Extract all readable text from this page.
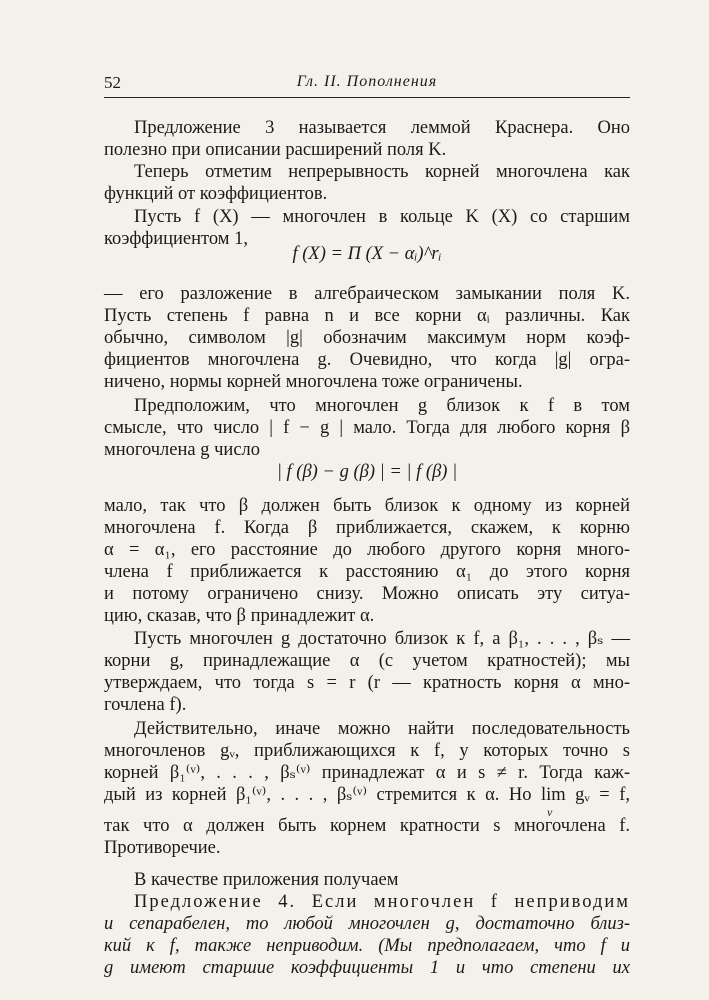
52	Гл. II. Пополнения
Предложение 3 называется леммой Краснера. Оно
полезно при описании расширений поля K.
Теперь отметим непрерывность корней многочлена как
функций от коэффициентов.
Пусть f (X) — многочлен в кольце K (X) со старшим
коэффициентом 1,
f (X) = Π (X − αᵢ)^rᵢ
— его разложение в алгебраическом замыкании поля K.
Пусть степень f равна n и все корни αᵢ различны. Как
обычно, символом |g| обозначим максимум норм коэф-
фициентов многочлена g. Очевидно, что когда |g| огра-
ничено, нормы корней многочлена тоже ограничены.
Предположим, что многочлен g близок к f в том
смысле, что число | f − g | мало. Тогда для любого корня β
многочлена g число
| f (β) − g (β) | = | f (β) |
мало, так что β должен быть близок к одному из корней
многочлена f. Когда β приближается, скажем, к корню
α = α₁, его расстояние до любого другого корня много-
члена f приближается к расстоянию α₁ до этого корня
и потому ограничено снизу. Можно описать эту ситуа-
цию, сказав, что β принадлежит α.
Пусть многочлен g достаточно близок к f, а β₁, . . . , βₛ —
корни g, принадлежащие α (с учетом кратностей); мы
утверждаем, что тогда s = r (r — кратность корня α мно-
гочлена f).
Действительно, иначе можно найти последовательность
многочленов gᵥ, приближающихся к f, у которых точно s
корней β₁⁽ᵛ⁾, . . . , βₛ⁽ᵛ⁾ принадлежат α и s ≠ r. Тогда каж-
дый из корней β₁⁽ᵛ⁾, . . . , βₛ⁽ᵛ⁾ стремится к α. Но lim gᵥ = f,
ν
так что α должен быть корнем кратности s многочлена f.
Противоречие.
В качестве приложения получаем
Предложение 4. Если многочлен f неприводим
и сепарабелен, то любой многочлен g, достаточно близ-
кий к f, также неприводим. (Мы предполагаем, что f и
g имеют старшие коэффициенты 1 и что степени их
